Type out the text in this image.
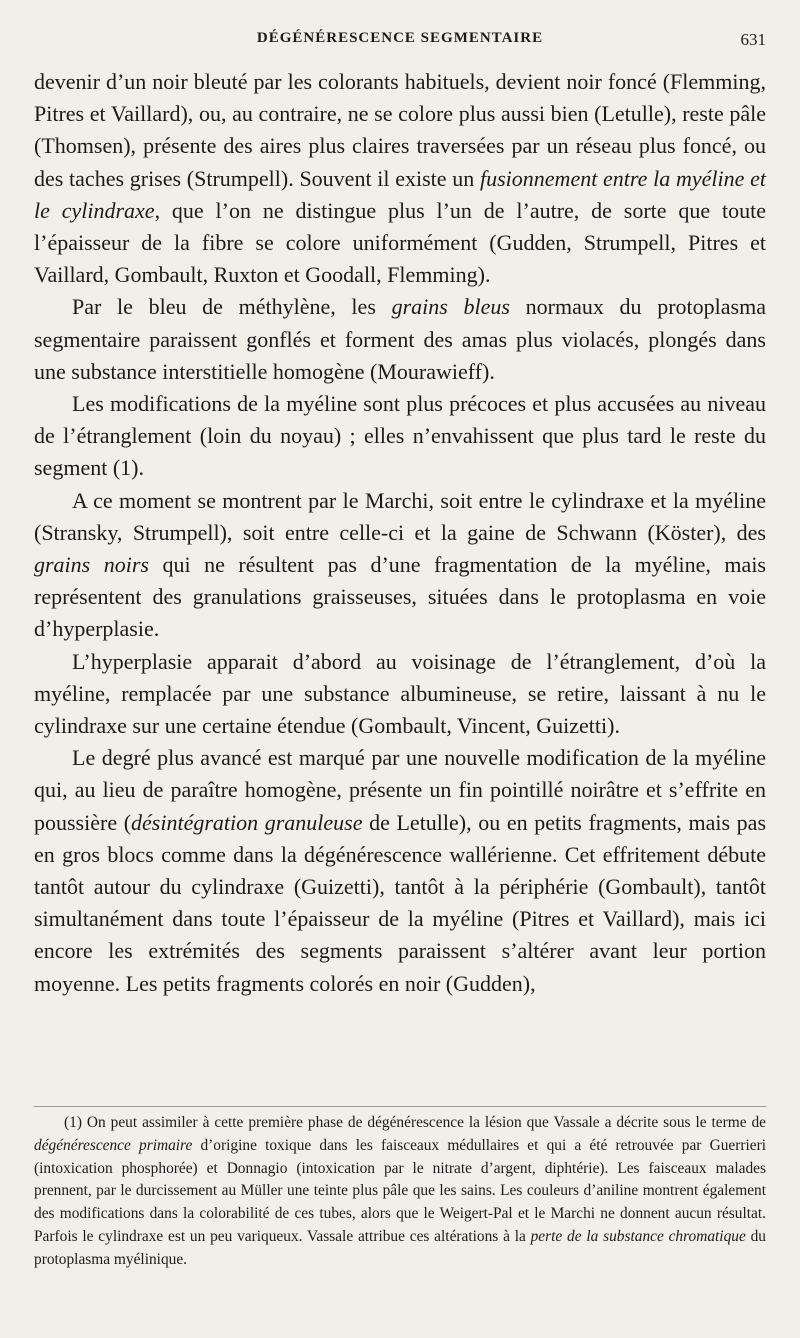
DÉGÉNÉRESCENCE SEGMENTAIRE	631

devenir d’un noir bleuté par les colorants habituels, devient noir foncé (Flemming, Pitres et Vaillard), ou, au contraire, ne se colore plus aussi bien (Letulle), reste pâle (Thomsen), présente des aires plus claires traversées par un réseau plus foncé, ou des taches grises (Strumpell). Souvent il existe un fusionnement entre la myéline et le cylindraxe, que l’on ne distingue plus l’un de l’autre, de sorte que toute l’épaisseur de la fibre se colore uniformément (Gudden, Strumpell, Pitres et Vaillard, Gombault, Ruxton et Goodall, Flemming).

Par le bleu de méthylène, les grains bleus normaux du protoplasma segmentaire paraissent gonflés et forment des amas plus violacés, plongés dans une substance interstitielle homogène (Mourawieff).

Les modifications de la myéline sont plus précoces et plus accusées au niveau de l’étranglement (loin du noyau) ; elles n’envahissent que plus tard le reste du segment (1).

A ce moment se montrent par le Marchi, soit entre le cylindraxe et la myéline (Stransky, Strumpell), soit entre celle-ci et la gaine de Schwann (Köster), des grains noirs qui ne résultent pas d’une fragmentation de la myéline, mais représentent des granulations graisseuses, situées dans le protoplasma en voie d’hyperplasie.

L’hyperplasie apparait d’abord au voisinage de l’étranglement, d’où la myéline, remplacée par une substance albumineuse, se retire, laissant à nu le cylindraxe sur une certaine étendue (Gombault, Vincent, Guizetti).

Le degré plus avancé est marqué par une nouvelle modification de la myéline qui, au lieu de paraître homogène, présente un fin pointillé noirâtre et s’effrite en poussière (désintégration granuleuse de Letulle), ou en petits fragments, mais pas en gros blocs comme dans la dégénérescence wallérienne. Cet effritement débute tantôt autour du cylindraxe (Guizetti), tantôt à la périphérie (Gombault), tantôt simultanément dans toute l’épaisseur de la myéline (Pitres et Vaillard), mais ici encore les extrémités des segments paraissent s’altérer avant leur portion moyenne. Les petits fragments colorés en noir (Gudden),

(1) On peut assimiler à cette première phase de dégénérescence la lésion que Vassale a décrite sous le terme de dégénérescence primaire d’origine toxique dans les faisceaux médullaires et qui a été retrouvée par Guerrieri (intoxication phosphorée) et Donnagio (intoxication par le nitrate d’argent, diphtérie). Les faisceaux malades prennent, par le durcissement au Müller une teinte plus pâle que les sains. Les couleurs d’aniline montrent également des modifications dans la colorabilité de ces tubes, alors que le Weigert-Pal et le Marchi ne donnent aucun résultat. Parfois le cylindraxe est un peu variqueux. Vassale attribue ces altérations à la perte de la substance chromatique du protoplasma myélinique.
